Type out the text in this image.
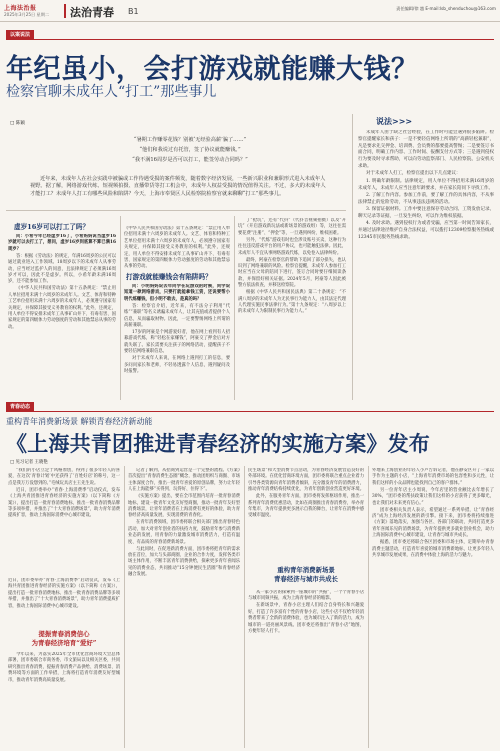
上海法治报
2025年3月25日 星期二 法治青春 B1	责任编辑/徐 越 E-mail:lsb_shenduchou@163.com
以案说法
年纪虽小，会打游戏就能赚大钱？
检察官聊未成年人“打工”那些事儿
□ 陈颖
“暑期工作赚零花钱？别被‘无经验高薪’骗了……”
“他们和我说过有托管，签了协议就能赚钱。”
“我不满16周岁是否可以打工，能签劳动合同吗？”
近年来，未成年人在社会实践中被骗或工作待遇受损的案件频发，随着数字经济发展，一些新兴职业和兼职形式进入未成年人视野。据了解，网络游戏代练、短视频拍摄、直播带货等打工机会中，未成年人权益受损的情况值得关注。不过，多大的未成年人才能打工？未成年人打工有哪些风险和陷阱？今天，上海市奉贤区人民检察院检察官就来聊聊“打工”那些事儿。
虚岁16岁可以打工了吗？

问：小希今年已经虚岁16了，小希妈妈说当虚岁16岁就可以去打工了，想问，虚岁16岁到底算不算已满16周岁？

答：根据《劳动法》的规定，年满16周岁的公民可以通过就业进入工作领域。18周岁以下的未成年人从事劳动，应当经过监护人的同意，且法律规定了必须满16周岁才可以，因此不是虚岁。所以，小希年龄未满16周岁，还不能参加工作。

《中华人民共和国劳动法》第十五条规定：“禁止用人单位招用未满十六周岁的未成年人。文艺、体育和特种工艺单位招用未满十六周岁的未成年人，必须遵守国家有关规定，并保障其接受义务教育的权利。”此外，还规定，用人单位不得安排未成年工从事矿山井下、有毒有害、国家规定的第四级体力劳动强度的劳动和其他禁忌从事的劳动。

打游戏就能赚钱会有陷阱吗？

《中华人民共和国劳动法》第十五条规定：“禁止用人单位招用未满十六周岁的未成年人。文艺、体育和特种工艺单位招用未满十六周岁的未成年人，必须遵守国家有关规定，并保障其接受义务教育的权利。”此外，还规定，用人单位不得安排未成年工从事矿山井下、有毒有害、国家规定的第四级体力劳动强度的劳动和其他禁忌从事的劳动。

问：小明妈妈说去年同学在玩游戏的时候，同学说知道一款网络游戏，只要打就能拿钱工资，还说要帮小明代练赚钱，但小明不敢去，是真的吗？

答：检察官介绍，近年来，有不法分子利用“代练”“兼职”等名义诱骗未成年人，让其充值或者提供个人信息，从而骗取财物。因此，一定要警惕网络上所谓的高薪兼职。

17岁的阿豪是个网游爱好者，他在网上看到有人招募游戏代练，称“轻松在家赚钱”，阿豪交了押金后对方就失联了。家长需要关注孩子的网络活动，提醒孩子不要轻信网络兼职信息。

对于未成年人来说，在网络上遇到打工的信息，要多问问家长和老师，不轻易透露个人信息，遇到疑问及时报警。

了“抢坑”，还有“代抖”（代抖音视频拍摄）以及“开坑”（开启游戏新玩法或新场景的游戏组）等，这往往需要花费“注册”、“押金”等，一旦遇到纠纷，维权困难。

另外，“代练”游戏有时也会涉及账号买卖，这种行为往往违反游戏平台的用户协议，也可能触犯法律。因此，未成年人不宜从事网络游戏代练，以免卷入法律纠纷。

最终，阿豪在检察官的帮助下追回了部分损失，也认识到了网络兼职的风险。检察官提醒，未成年人参加打工时应当在父母的陪同下进行，签订合同时要仔细阅读条款，并保留好相关证据。2024年5月，阿豪等人因此被警方依法侦查，并移送检察院。

根据《中华人民共和国民法典》第二十条规定：“不满八周岁的未成年人为无民事行为能力人，由其法定代理人代理实施民事法律行为。”第十九条规定：“八周岁以上的未成年人为限制民事行为能力人。”

说法>>>

未成年人由于缺乏社会经验，在工作时可能会遇到很多陷阱。检察官提醒家长和孩子：一是不要轻信网络上所谓的“高薪轻松兼职”，凡是要求先交押金、培训费、会员费的都要提高警惕；二是要签订书面合同，明确工作内容、工作时间、报酬支付方式等；三是遇到侵权行为要及时寻求帮助，可以向劳动监察部门、人民检察院、公安机关求助。

对于未成年人打工，检察官提出以下几点建议：

1. 明确年龄限制。法律规定，用人单位不得招用未满16周岁的未成年人，未成年人应当注意年龄要求，并在家长陪同下寻找工作。

2. 了解工作内容。参加工作前，要了解工作的具体内容，不从事法律禁止的危险劳动，不从事违法违规的活动。

3. 保留证据材料。工作中要注意保存劳动合同、工资发放记录、聊天记录等证据，一旦发生纠纷，可以作为维权依据。

4. 及时求助。遇到侵权行为或者受骗，应当第一时间告知家长，并通过法律途径维护自身合法权益，可以拨打12309检察服务热线或12345市民服务热线求助。

青春动态
重构青年消费新场景 解锁青春经济新动能
《上海共青团推进青春经济的实施方案》发布
□ 见习记者 王晓艳

“我们的小店立足于风格原创，得到了很多年轻人的喜爱，在这次‘青春计划’中还获得了‘百姓好店’的称号，这一点是我万万没想到的。”毛绒玩具店主王先生说。

近日，团市委举办“青春·上海消费季”启动仪式，发布《上海共青团推进青春经济的实施方案》（以下简称《方案》），提出打造一批青春消费地标、推出一批青春消费品牌等多项举措，并推出了“十大青春消费场景”，助力青年消费提质扩容，推动上海国际消费中心城市建设。

提振青春消费信心
为青春经济培育“爱好”

今年以来，为落实2025年全市优化营商环境大会总体部署，团市委联合市商务委、市文旅局以及相关区委，共同研究推出青春消费，提振青春消费产品供给、消费场景、消费环境等方面的工作举措，上海将打造青年消费友好型城市，推动青年消费高质量发展。

近日，团市委举办“青春·上海消费季”启动仪式，发布《上海共青团推进青春经济的实施方案》（以下简称《方案》），提出打造一批青春消费地标、推出一批青春消费品牌等多项举措，并推出了“十大青春消费场景”，助力青年消费提质扩容，推动上海国际消费中心城市建设。

记者了解到，从招商到运营是一个完整的流程。《方案》首次提出“青春消费生态圈”概念，推动团组织与商圈、市场主体深度合作，推出一批青年喜爱的原创品牌，努力让年轻人在上海能够“买得到、玩得好、住得下”。

《实施方案》提出，要在全市范围内培育一批青春消费地标，建设一批青年文化友好型商圈，推动一批青年友好型消费场景，让青年消费者在上海消费有更好的体验，助力青春经济高质量发展，实现消费的青春化。

在青年消费领域，团市委将联合相关部门推出青春特色活动，加大对青年创业者的扶持力度，鼓励青年参与消费新业态的发展，用青春的力量激发城市消费活力，打造有温度、有品质的青春消费新场景。

与此同时，在促进新消费方面，团市委将把青年的需求放在首位，加大与头部商圈、企业的合作力度，发挥各类市场主体作用，不断丰富青年消费供给，探索更多青年喜闻乐见的消费业态，共同推动“15分钟便民生活圈”和青春经济融合发展。

民生场景”和大型消费节点活动，为青春经济发展营造良好的外部环境。在优化营商环境方面，团市委将联合重点企业着力引导各类资源向青年消费者倾斜，充分激发青年的消费潜力，推动青年消费结构持续优化，为青年创新创业营造更好环境。

此外，在服务青年方面，团市委将发挥枢纽作用，推出一系列青年消费优惠活动，比如在商圈推出青春消费券，举办青年集市，为青年提供更多展示自我的舞台，让青年在消费中感受城市温度。

重构青年消费新场景
青春经济与城市共成长

从一家小店的探索到一座城市的“共振”，一个个青春小店与城市同频共振，成为上海青春经济的缩影。

在新场景中，青春小店主理人们结合自身特长和兴趣爱好，打造了许多富有个性的青春小店，这些小店不仅给年轻消费者带来了全新的消费体验，也为城市注入了新的活力，成为城市的一道亮丽风景线。团市委还将推出“青春小店”地图，方便年轻人打卡。

外地来上海创业的年轻人小卢告诉记者，他在静安区开了一家以手作为主题的小店，“上海青年消费市场的包容性和多元性，让我们这样的小众品牌也能找到自己的客户群体。”

另一位青年店主小周说，今年店里的营业额比去年增长了30%，“团市委的帮扶政策让我们这样的小店获得了更多曝光，也让我们对未来更有信心。”

团市委相关负责人表示，希望通过一系列举措，让“青春经济”成为上海经济发展的新引擎。接下来，团市委将持续推进《方案》落地落实，加强与各区、各部门的联动，共同打造更多青年喜闻乐见的消费场景，为青年提供更多就业创业机会，助力上海国际消费中心城市建设，让青春与城市共成长。

据悉，团市委还将联合各区团委和市场主体，定期举办青春消费主题活动，打造青年喜爱的城市消费新地标，让更多年轻人共享城市发展成果，在消费中体验上海的活力与魅力。
